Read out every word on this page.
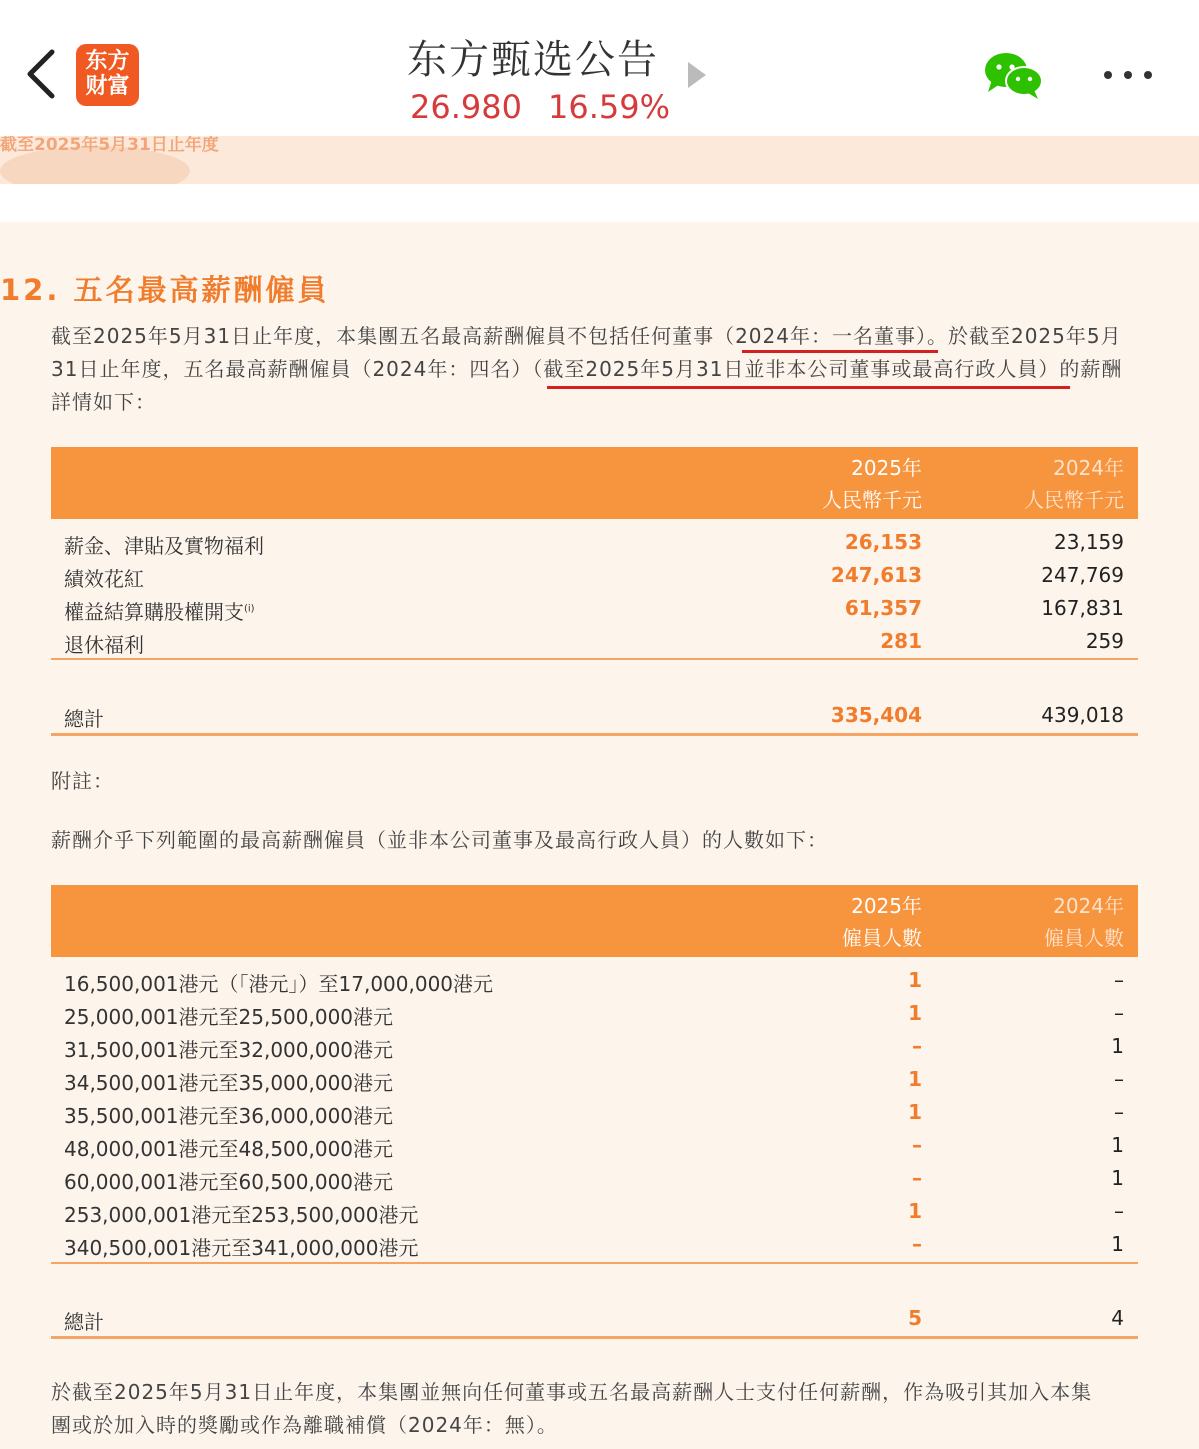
东方
财富
东方甄选公告
26.980 16.59%
截至2025年5月31日止年度
12. 五名最高薪酬僱員
截至2025年5月31日止年度，本集團五名最高薪酬僱員不包括任何董事（2024年：一名董事）。於截至2025年5月
31日止年度，五名最高薪酬僱員（2024年：四名）（截至2025年5月31日並非本公司董事或最高行政人員）的薪酬
詳情如下：
2025年
人民幣千元
2024年
人民幣千元
薪金、津貼及實物福利	26,153	23,159
績效花紅	247,613	247,769
權益結算購股權開支$^{(i)}$	61,357	167,831
退休福利	281	259
總計	335,404	439,018
附註：
薪酬介乎下列範圍的最高薪酬僱員（並非本公司董事及最高行政人員）的人數如下：
2025年
僱員人數
2024年
僱員人數
16,500,001港元（「港元」）至17,000,000港元	1	–
25,000,001港元至25,500,000港元	1	–
31,500,001港元至32,000,000港元	–	1
34,500,001港元至35,000,000港元	1	–
35,500,001港元至36,000,000港元	1	–
48,000,001港元至48,500,000港元	–	1
60,000,001港元至60,500,000港元	–	1
253,000,001港元至253,500,000港元	1	–
340,500,001港元至341,000,000港元	–	1
總計	5	4
於截至2025年5月31日止年度，本集團並無向任何董事或五名最高薪酬人士支付任何薪酬，作為吸引其加入本集
團或於加入時的獎勵或作為離職補償（2024年：無）。
